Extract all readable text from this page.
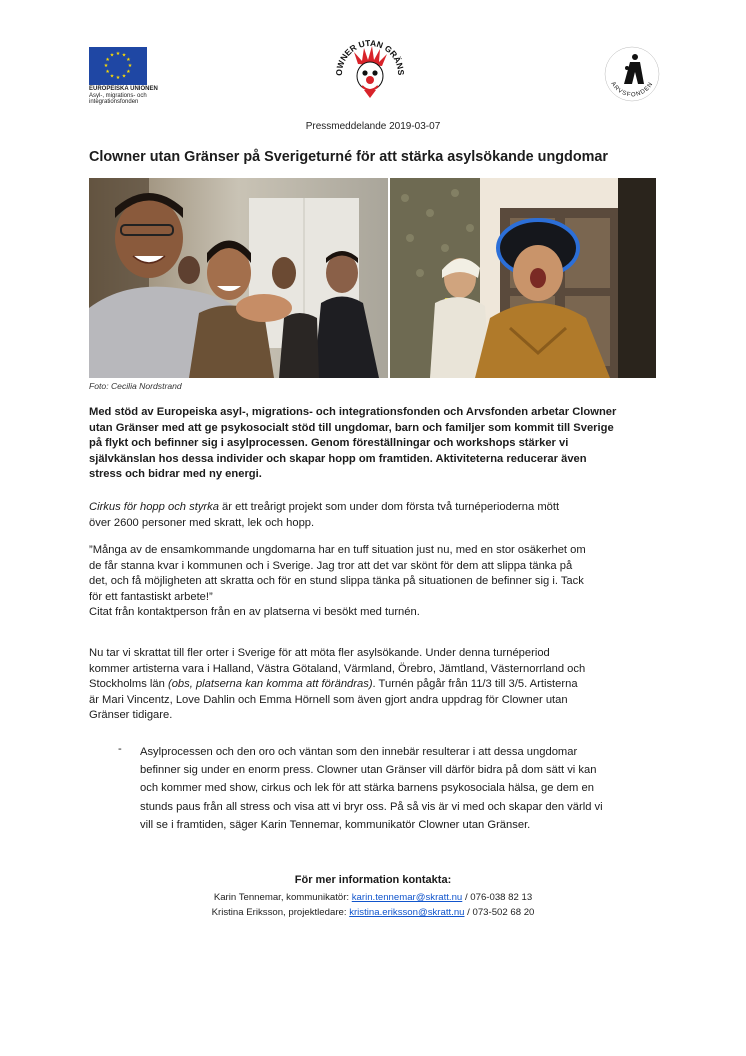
★ ★
★
★
★
★
★
★
★
★
★
★
EUROPEISKA UNIONEN
Asyl-, migrations- och
integrationsfonden
OWNER UTAN GRÄNS
ARVSFONDEN
Pressmeddelande 2019-03-07
Clowner utan Gränser på Sverigeturné för att stärka asylsökande ungdomar
Foto: Cecilia Nordstrand
Med stöd av Europeiska asyl-, migrations- och integrationsfonden och Arvsfonden arbetar Clowner
utan Gränser med att ge psykosocialt stöd till ungdomar, barn och familjer som kommit till Sverige
på flykt och befinner sig i asylprocessen. Genom föreställningar och workshops stärker vi
självkänslan hos dessa individer och skapar hopp om framtiden. Aktiviteterna reducerar även
stress och bidrar med ny energi.
Cirkus för hopp och styrka är ett treårigt projekt som under dom första två turnéperioderna mött
över 2600 personer med skratt, lek och hopp.
”Många av de ensamkommande ungdomarna har en tuff situation just nu, med en stor osäkerhet om
de får stanna kvar i kommunen och i Sverige. Jag tror att det var skönt för dem att slippa tänka på
det, och få möjligheten att skratta och för en stund slippa tänka på situationen de befinner sig i. Tack
för ett fantastiskt arbete!”
Citat från kontaktperson från en av platserna vi besökt med turnén.
Nu tar vi skrattat till fler orter i Sverige för att möta fler asylsökande. Under denna turnéperiod
kommer artisterna vara i Halland, Västra Götaland, Värmland, Örebro, Jämtland, Västernorrland och
Stockholms län (obs, platserna kan komma att förändras). Turnén pågår från 11/3 till 3/5. Artisterna
är Mari Vincentz, Love Dahlin och Emma Hörnell som även gjort andra uppdrag för Clowner utan
Gränser tidigare.
- Asylprocessen och den oro och väntan som den innebär resulterar i att dessa ungdomar
befinner sig under en enorm press. Clowner utan Gränser vill därför bidra på dom sätt vi kan
och kommer med show, cirkus och lek för att stärka barnens psykosociala hälsa, ge dem en
stunds paus från all stress och visa att vi bryr oss. På så vis är vi med och skapar den värld vi
vill se i framtiden, säger Karin Tennemar, kommunikatör Clowner utan Gränser.
För mer information kontakta:
Karin Tennemar, kommunikatör: karin.tennemar@skratt.nu / 076-038 82 13
Kristina Eriksson, projektledare: kristina.eriksson@skratt.nu / 073-502 68 20
